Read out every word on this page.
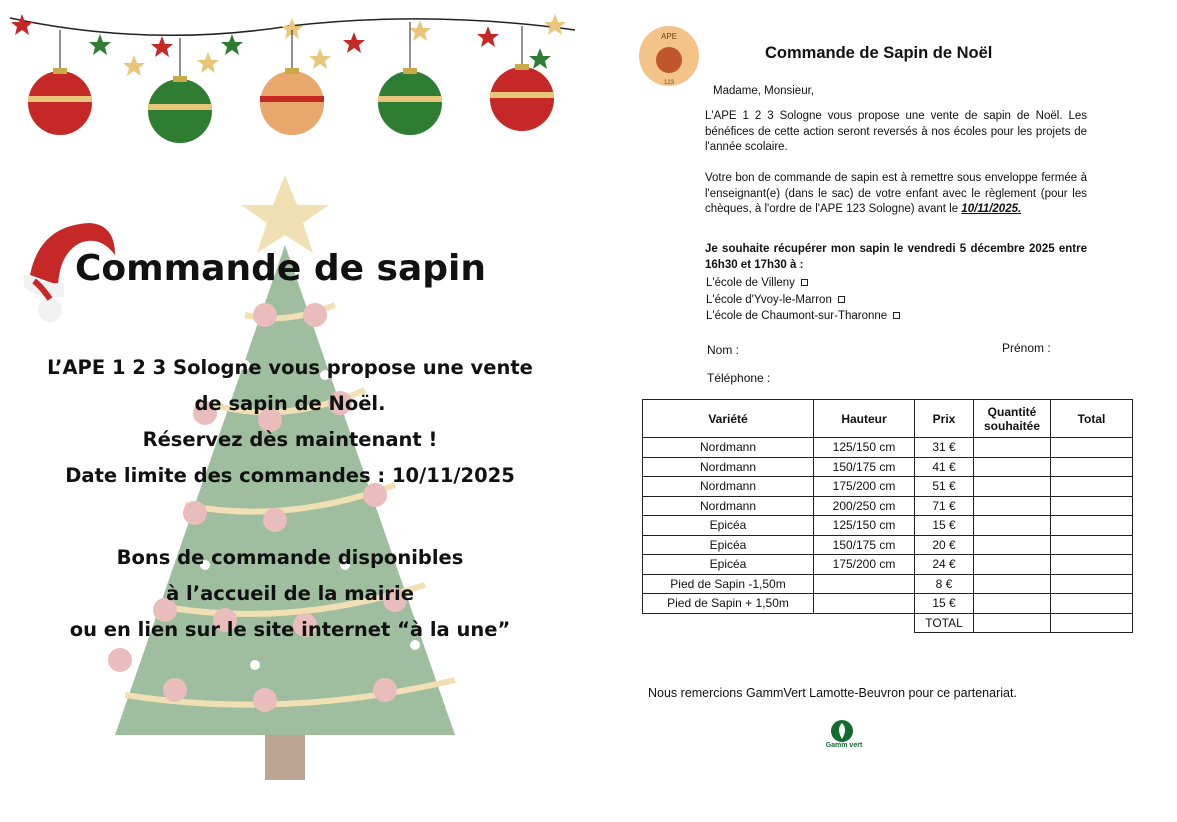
Commande de sapin
L’APE 1 2 3 Sologne vous propose une vente
de sapin de Noël.
Réservez dès maintenant !
Date limite des commandes : 10/11/2025
Bons de commande disponibles
à l’accueil de la mairie
ou en lien sur le site internet “à la une”
APE
123
Commande de Sapin de Noël
Madame, Monsieur,
L'APE 1 2 3 Sologne vous propose une vente de sapin de Noël. Les bénéfices de cette action seront reversés à nos écoles pour les projets de l'année scolaire.
Votre bon de commande de sapin est à remettre sous enveloppe fermée à l'enseignant(e) (dans le sac) de votre enfant avec le règlement (pour les chèques, à l'ordre de l'APE 123 Sologne) avant le 10/11/2025.
Je souhaite récupérer mon sapin le vendredi 5 décembre 2025 entre 16h30 et 17h30 à :
L'école de Villeny
L'école d'Yvoy-le-Marron
L'école de Chaumont-sur-Tharonne
Nom :	Prénom :
Téléphone :
Variété	Hauteur	Prix	Quantité souhaitée	Total
Nordmann	125/150 cm	31 €		
Nordmann	150/175 cm	41 €		
Nordmann	175/200 cm	51 €		
Nordmann	200/250 cm	71 €		
Epicéa	125/150 cm	15 €		
Epicéa	150/175 cm	20 €		
Epicéa	175/200 cm	24 €		
Pied de Sapin -1,50m		8 €		
Pied de Sapin + 1,50m		15 €		
		TOTAL		
Nous remercions GammVert Lamotte-Beuvron pour ce partenariat.
Gamm vert
